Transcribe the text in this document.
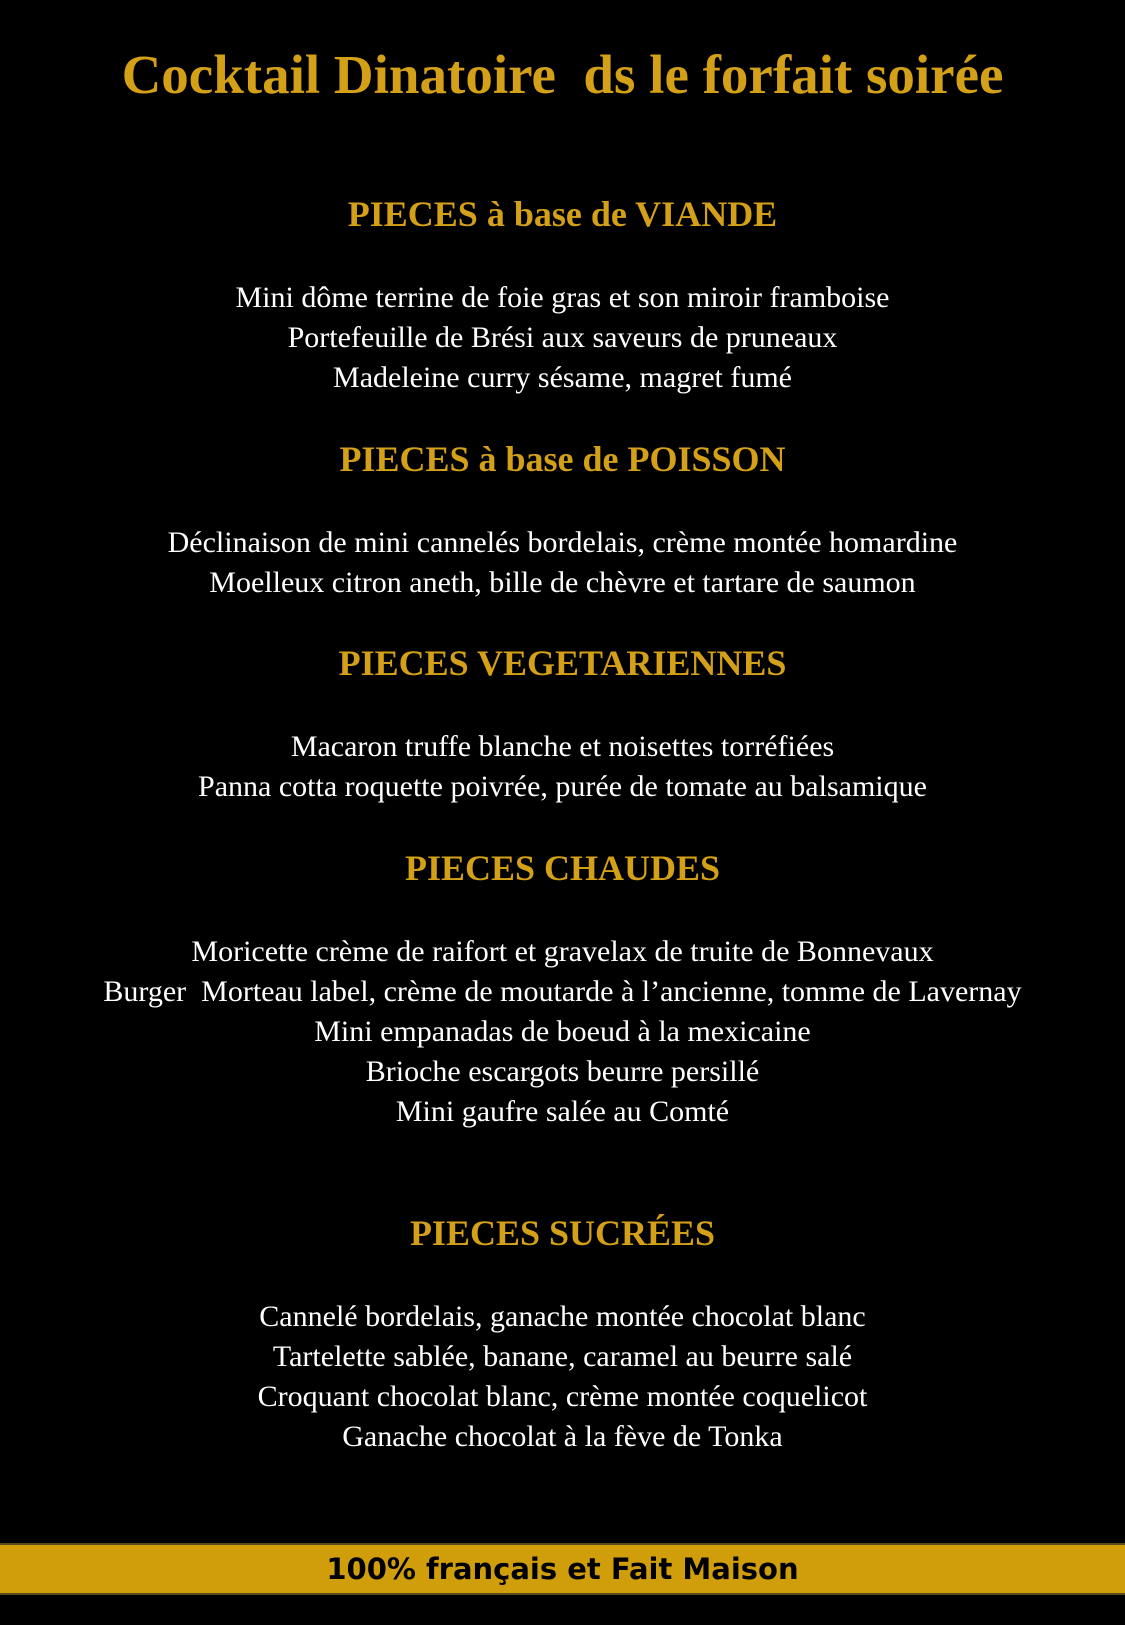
Cocktail Dinatoire  ds le forfait soirée
PIECES à base de VIANDE
Mini dôme terrine de foie gras et son miroir framboise
Portefeuille de Brési aux saveurs de pruneaux
Madeleine curry sésame, magret fumé
PIECES à base de POISSON
Déclinaison de mini cannelés bordelais, crème montée homardine
Moelleux citron aneth, bille de chèvre et tartare de saumon
PIECES VEGETARIENNES
Macaron truffe blanche et noisettes torréfiées
Panna cotta roquette poivrée, purée de tomate au balsamique
PIECES CHAUDES
Moricette crème de raifort et gravelax de truite de Bonnevaux
Burger  Morteau label, crème de moutarde à l’ancienne, tomme de Lavernay
Mini empanadas de boeud à la mexicaine
Brioche escargots beurre persillé
Mini gaufre salée au Comté
PIECES SUCRÉES
Cannelé bordelais, ganache montée chocolat blanc
Tartelette sablée, banane, caramel au beurre salé
Croquant chocolat blanc, crème montée coquelicot
Ganache chocolat à la fève de Tonka
100% français et Fait Maison
